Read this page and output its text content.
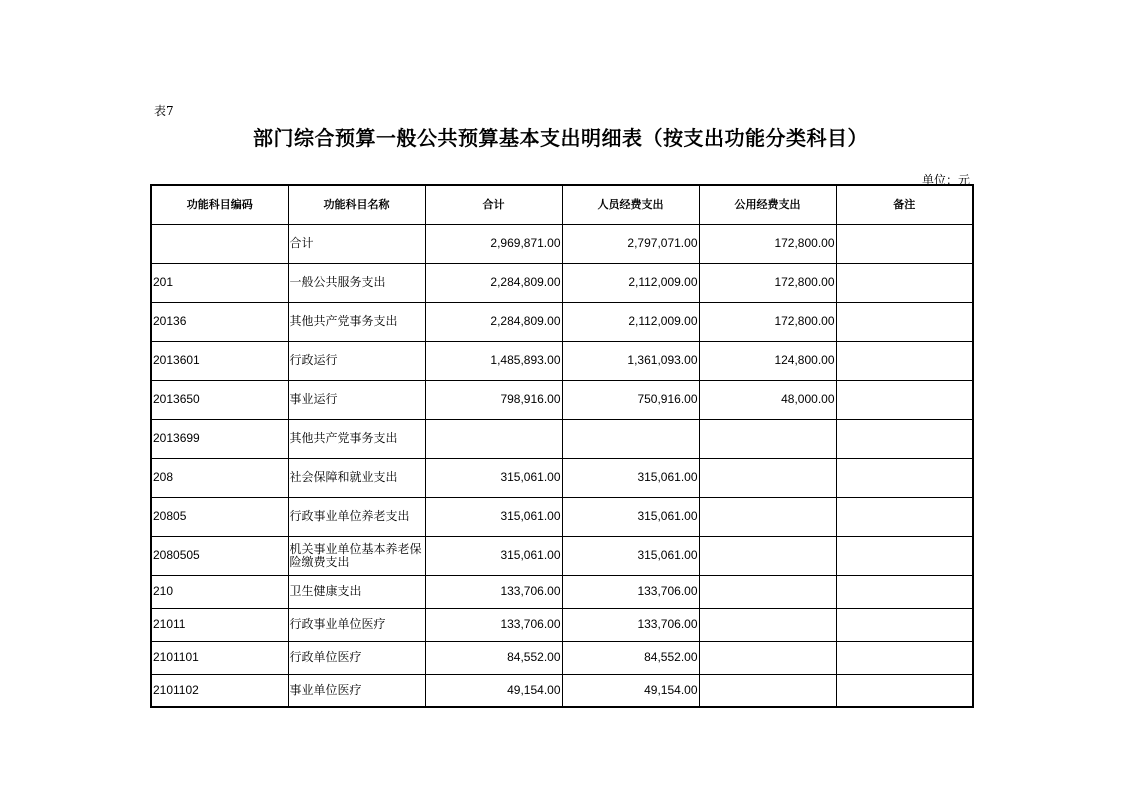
表7
部门综合预算一般公共预算基本支出明细表（按支出功能分类科目）
单位：元
功能科目编码	功能科目名称	合计	人员经费支出	公用经费支出	备注
	合计	2,969,871.00	2,797,071.00	172,800.00	
201	一般公共服务支出	2,284,809.00	2,112,009.00	172,800.00	
20136	其他共产党事务支出	2,284,809.00	2,112,009.00	172,800.00	
2013601	行政运行	1,485,893.00	1,361,093.00	124,800.00	
2013650	事业运行	798,916.00	750,916.00	48,000.00	
2013699	其他共产党事务支出				
208	社会保障和就业支出	315,061.00	315,061.00		
20805	行政事业单位养老支出	315,061.00	315,061.00		
2080505	机关事业单位基本养老保险缴费支出	315,061.00	315,061.00		
210	卫生健康支出	133,706.00	133,706.00		
21011	行政事业单位医疗	133,706.00	133,706.00		
2101101	行政单位医疗	84,552.00	84,552.00		
2101102	事业单位医疗	49,154.00	49,154.00		
